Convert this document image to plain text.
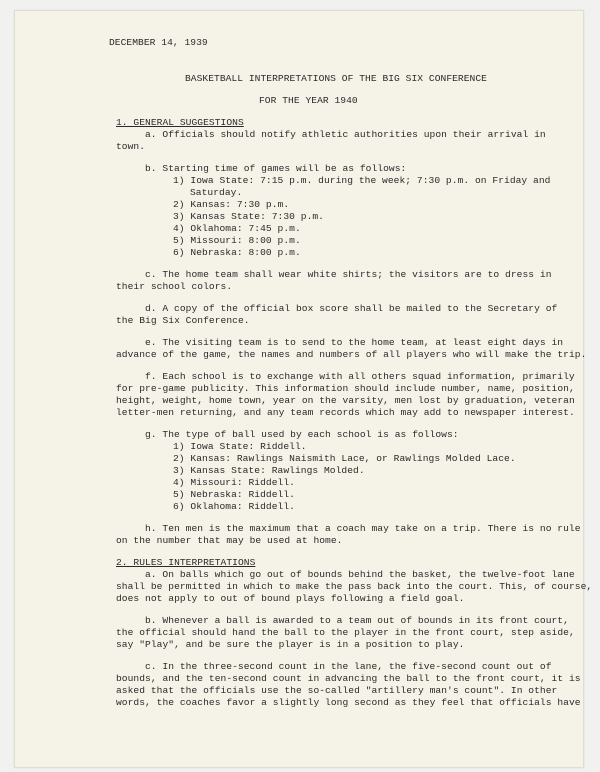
DECEMBER 14, 1939
BASKETBALL INTERPRETATIONS OF THE BIG SIX CONFERENCE
FOR THE YEAR 1940
1. GENERAL SUGGESTIONS
a. Officials should notify athletic authorities upon their arrival in
town.
b. Starting time of games will be as follows:
1) Iowa State: 7:15 p.m. during the week; 7:30 p.m. on Friday and
Saturday.
2) Kansas: 7:30 p.m.
3) Kansas State: 7:30 p.m.
4) Oklahoma: 7:45 p.m.
5) Missouri: 8:00 p.m.
6) Nebraska: 8:00 p.m.
c. The home team shall wear white shirts; the visitors are to dress in
their school colors.
d. A copy of the official box score shall be mailed to the Secretary of
the Big Six Conference.
e. The visiting team is to send to the home team, at least eight days in
advance of the game, the names and numbers of all players who will make the trip.
f. Each school is to exchange with all others squad information, primarily
for pre-game publicity. This information should include number, name, position,
height, weight, home town, year on the varsity, men lost by graduation, veteran
letter-men returning, and any team records which may add to newspaper interest.
g. The type of ball used by each school is as follows:
1) Iowa State: Riddell.
2) Kansas: Rawlings Naismith Lace, or Rawlings Molded Lace.
3) Kansas State: Rawlings Molded.
4) Missouri: Riddell.
5) Nebraska: Riddell.
6) Oklahoma: Riddell.
h. Ten men is the maximum that a coach may take on a trip. There is no rule
on the number that may be used at home.
2. RULES INTERPRETATIONS
a. On balls which go out of bounds behind the basket, the twelve-foot lane
shall be permitted in which to make the pass back into the court. This, of course,
does not apply to out of bound plays following a field goal.
b. Whenever a ball is awarded to a team out of bounds in its front court,
the official should hand the ball to the player in the front court, step aside,
say "Play", and be sure the player is in a position to play.
c. In the three-second count in the lane, the five-second count out of
bounds, and the ten-second count in advancing the ball to the front court, it is
asked that the officials use the so-called "artillery man's count". In other
words, the coaches favor a slightly long second as they feel that officials have
